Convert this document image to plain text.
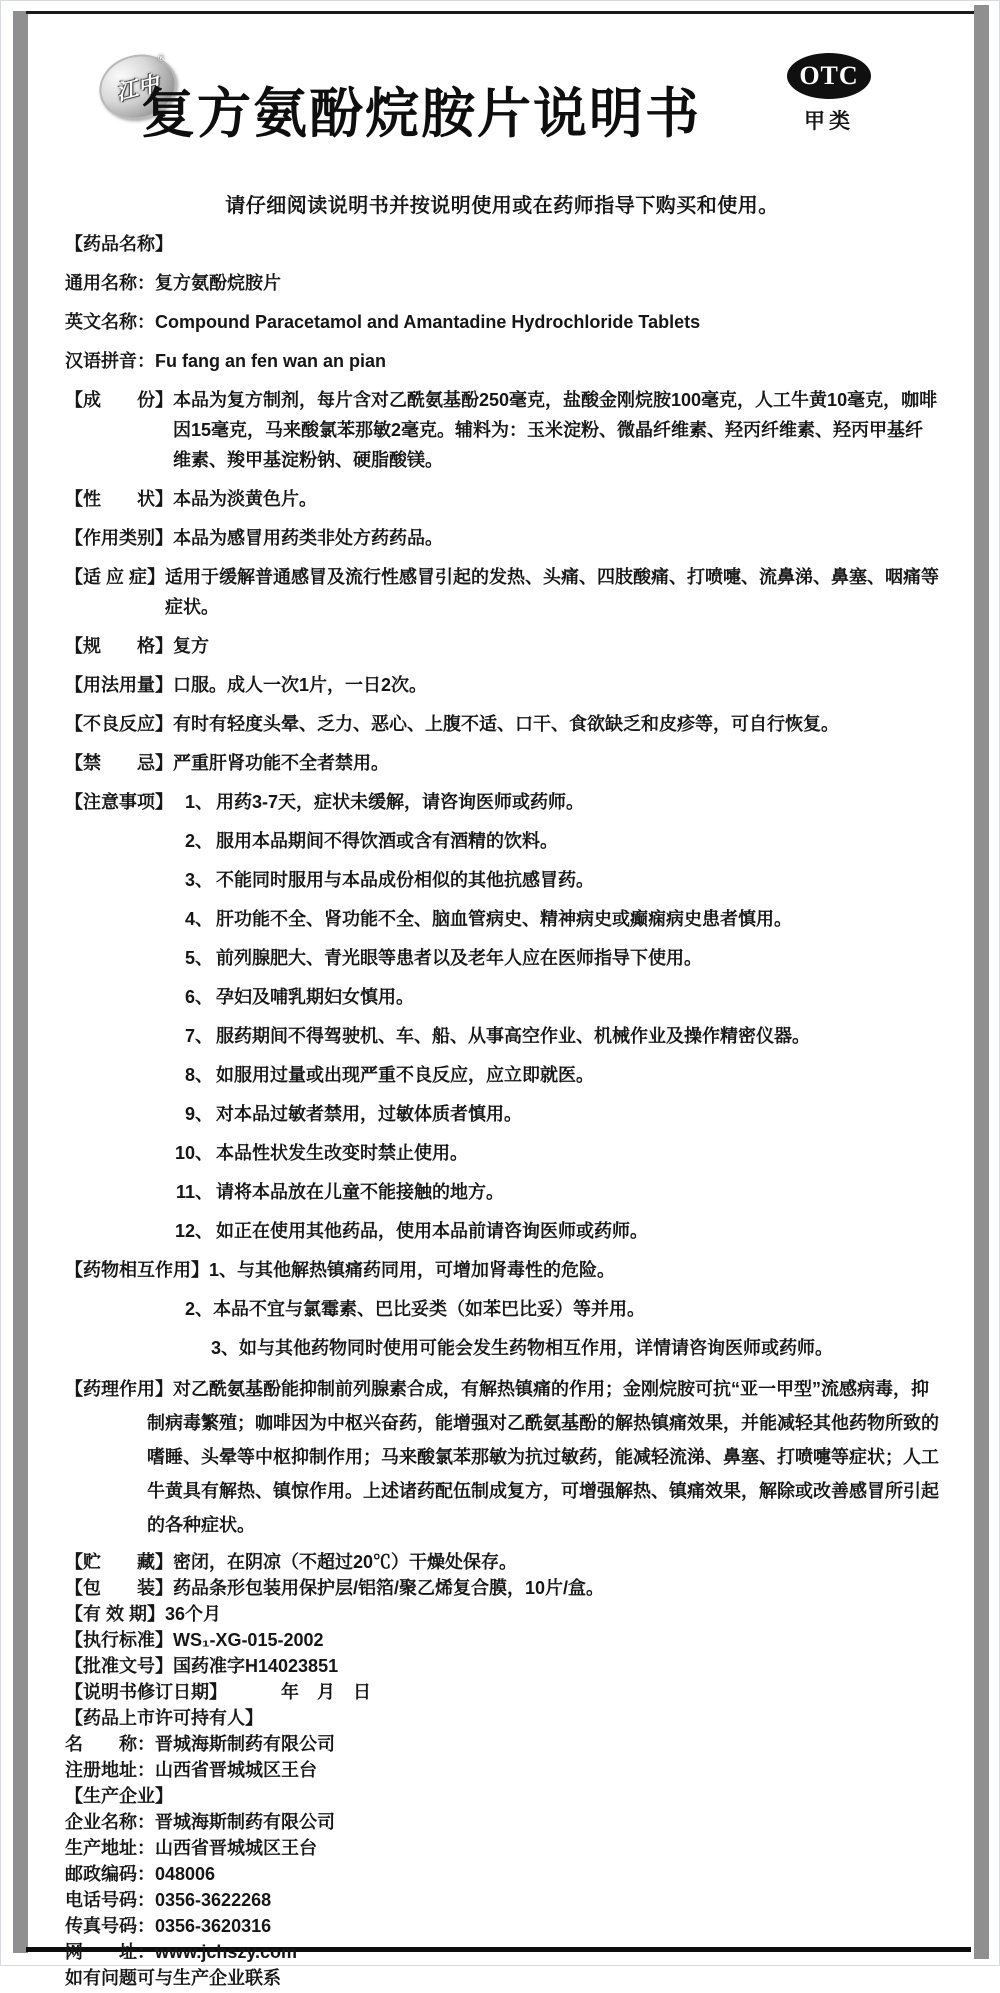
江中
®
复方氨酚烷胺片说明书
OTC
甲类
请仔细阅读说明书并按说明使用或在药师指导下购买和使用。
【药品名称】
通用名称： 复方氨酚烷胺片
英文名称： Compound Paracetamol and Amantadine Hydrochloride Tablets
汉语拼音： Fu fang an fen wan an pian
【成　　份】 本品为复方制剂，每片含对乙酰氨基酚250毫克，盐酸金刚烷胺100毫克，人工牛黄10毫克，咖啡因15毫克，马来酸氯苯那敏2毫克。辅料为：玉米淀粉、微晶纤维素、羟丙纤维素、羟丙甲基纤维素、羧甲基淀粉钠、硬脂酸镁。
【性　　状】 本品为淡黄色片。
【作用类别】 本品为感冒用药类非处方药药品。
【适 应 症】 适用于缓解普通感冒及流行性感冒引起的发热、头痛、四肢酸痛、打喷嚏、流鼻涕、鼻塞、咽痛等症状。
【规　　格】 复方
【用法用量】 口服。成人一次1片，一日2次。
【不良反应】 有时有轻度头晕、乏力、恶心、上腹不适、口干、食欲缺乏和皮疹等，可自行恢复。
【禁　　忌】 严重肝肾功能不全者禁用。
【注意事项】 1、 用药3-7天，症状未缓解，请咨询医师或药师。
2、 服用本品期间不得饮酒或含有酒精的饮料。
3、 不能同时服用与本品成份相似的其他抗感冒药。
4、 肝功能不全、肾功能不全、脑血管病史、精神病史或癫痫病史患者慎用。
5、 前列腺肥大、青光眼等患者以及老年人应在医师指导下使用。
6、 孕妇及哺乳期妇女慎用。
7、 服药期间不得驾驶机、车、船、从事高空作业、机械作业及操作精密仪器。
8、 如服用过量或出现严重不良反应，应立即就医。
9、 对本品过敏者禁用，过敏体质者慎用。
10、 本品性状发生改变时禁止使用。
11、 请将本品放在儿童不能接触的地方。
12、 如正在使用其他药品，使用本品前请咨询医师或药师。
【药物相互作用】1、与其他解热镇痛药同用，可增加肾毒性的危险。
2、本品不宜与氯霉素、巴比妥类（如苯巴比妥）等并用。
3、如与其他药物同时使用可能会发生药物相互作用，详情请咨询医师或药师。
【药理作用】对乙酰氨基酚能抑制前列腺素合成，有解热镇痛的作用；金刚烷胺可抗“亚一甲型”流感病毒，抑制病毒繁殖；咖啡因为中枢兴奋药，能增强对乙酰氨基酚的解热镇痛效果，并能减轻其他药物所致的嗜睡、头晕等中枢抑制作用；马来酸氯苯那敏为抗过敏药，能减轻流涕、鼻塞、打喷嚏等症状；人工牛黄具有解热、镇惊作用。上述诸药配伍制成复方，可增强解热、镇痛效果，解除或改善感冒所引起的各种症状。
【贮　　藏】 密闭，在阴凉（不超过20℃）干燥处保存。
【包　　装】 药品条形包装用保护层/铝箔/聚乙烯复合膜，10片/盒。
【有 效 期】 36个月
【执行标准】 WS₁-XG-015-2002
【批准文号】 国药准字H14023851
【说明书修订日期】 　　　年　月　日
【药品上市许可持有人】
名　　称： 晋城海斯制药有限公司
注册地址： 山西省晋城城区王台
【生产企业】
企业名称： 晋城海斯制药有限公司
生产地址： 山西省晋城城区王台
邮政编码： 048006
电话号码： 0356-3622268
传真号码： 0356-3620316
网　　址： www.jchszy.com
如有问题可与生产企业联系
